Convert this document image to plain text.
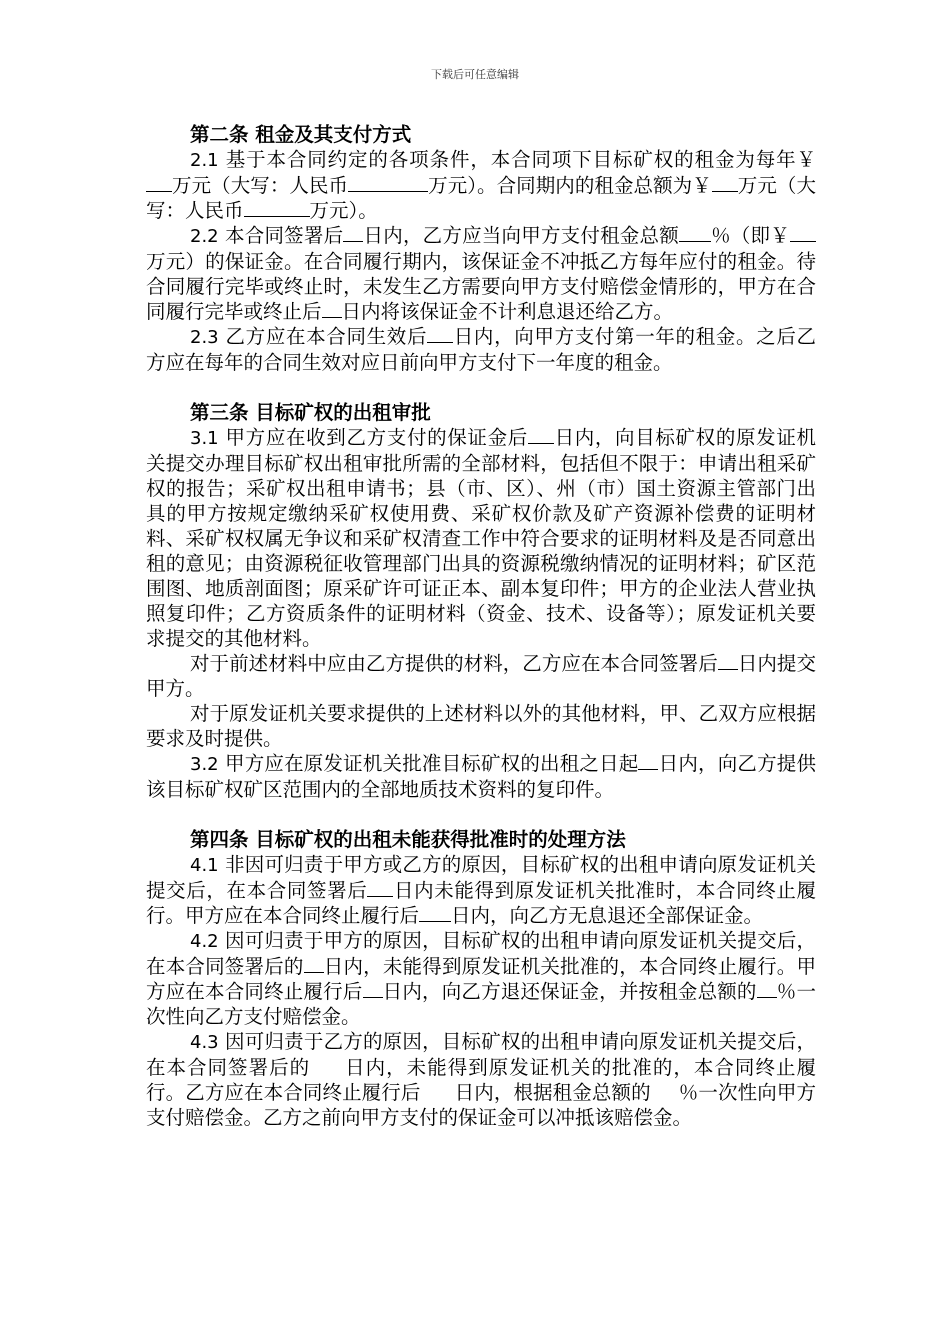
下载后可任意编辑

第二条 租金及其支付方式

2.1 基于本合同约定的各项条件，本合同项下目标矿权的租金为每年￥万元（大写：人民币	万元）。合同期内的租金总额为￥ 万元（大写：人民币	万元）。

2.2 本合同签署后 日内，乙方应当向甲方支付租金总额 ％（即￥万元）的保证金。在合同履行期内，该保证金不冲抵乙方每年应付的租金。待合同履行完毕或终止时，未发生乙方需要向甲方支付赔偿金情形的，甲方在合同履行完毕或终止后 日内将该保证金不计利息退还给乙方。

2.3 乙方应在本合同生效后 日内，向甲方支付第一年的租金。之后乙方应在每年的合同生效对应日前向甲方支付下一年度的租金。

第三条 目标矿权的出租审批

3.1 甲方应在收到乙方支付的保证金后 日内，向目标矿权的原发证机关提交办理目标矿权出租审批所需的全部材料，包括但不限于：申请出租采矿权的报告；采矿权出租申请书；县（市、区）、州（市）国土资源主管部门出具的甲方按规定缴纳采矿权使用费、采矿权价款及矿产资源补偿费的证明材料、采矿权权属无争议和采矿权清查工作中符合要求的证明材料及是否同意出租的意见；由资源税征收管理部门出具的资源税缴纳情况的证明材料；矿区范围图、地质剖面图；原采矿许可证正本、副本复印件；甲方的企业法人营业执照复印件；乙方资质条件的证明材料（资金、技术、设备等）；原发证机关要求提交的其他材料。

对于前述材料中应由乙方提供的材料，乙方应在本合同签署后 日内提交甲方。

对于原发证机关要求提供的上述材料以外的其他材料，甲、乙双方应根据要求及时提供。

3.2 甲方应在原发证机关批准目标矿权的出租之日起 日内，向乙方提供该目标矿权矿区范围内的全部地质技术资料的复印件。

第四条 目标矿权的出租未能获得批准时的处理方法

4.1 非因可归责于甲方或乙方的原因，目标矿权的出租申请向原发证机关提交后，在本合同签署后 日内未能得到原发证机关批准时，本合同终止履行。甲方应在本合同终止履行后 日内，向乙方无息退还全部保证金。

4.2 因可归责于甲方的原因，目标矿权的出租申请向原发证机关提交后，在本合同签署后的 日内，未能得到原发证机关批准的，本合同终止履行。甲方应在本合同终止履行后 日内，向乙方退还保证金，并按租金总额的 ％一次性向乙方支付赔偿金。

4.3 因可归责于乙方的原因，目标矿权的出租申请向原发证机关提交后，在本合同签署后的 日内，未能得到原发证机关的批准的，本合同终止履行。乙方应在本合同终止履行后 日内，根据租金总额的 ％一次性向甲方支付赔偿金。乙方之前向甲方支付的保证金可以冲抵该赔偿金。
